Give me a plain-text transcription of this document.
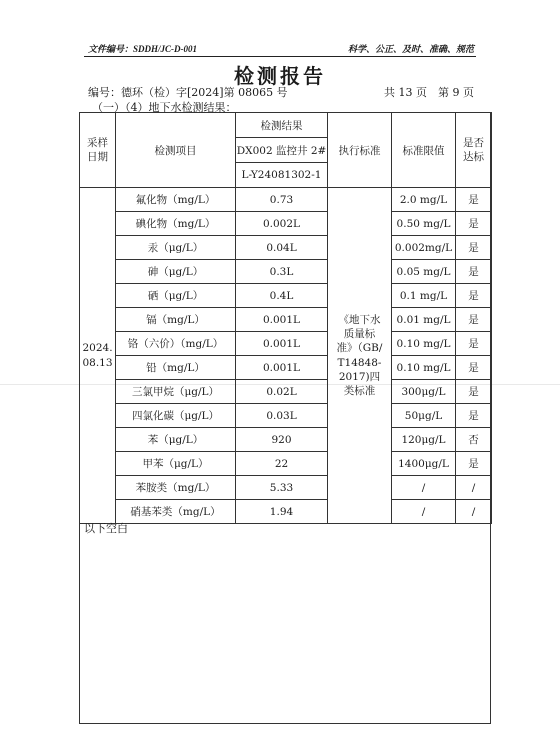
文件编号：SDDH/JC-D-001	科学、公正、及时、准确、规范
检测报告
编号：德环（检）字[2024]第 08065 号	共 13 页　第 9 页
（一）（4）地下水检测结果：
采样日期	检测项目	检测结果	执行标准	标准限值	是否达标
		DX002 监控井 2#			
		L-Y24081302-1			
2024.08.13	氟化物（mg/L）	0.73	《地下水质量标准》（GB/T14848-2017)四类标准	2.0 mg/L	是
	碘化物（mg/L）	0.002L		0.50 mg/L	是
	汞（μg/L）	0.04L		0.002mg/L	是
	砷（μg/L）	0.3L		0.05 mg/L	是
	硒（μg/L）	0.4L		0.1 mg/L	是
	镉（mg/L）	0.001L		0.01 mg/L	是
	铬（六价）（mg/L）	0.001L		0.10 mg/L	是
	铅（mg/L）	0.001L		0.10 mg/L	是
	三氯甲烷（μg/L）	0.02L		300μg/L	是
	四氯化碳（μg/L）	0.03L		50μg/L	是
	苯（μg/L）	920		120μg/L	否
	甲苯（μg/L）	22		1400μg/L	是
	苯胺类（mg/L）	5.33		/	/
	硝基苯类（mg/L）	1.94		/	/
以下空白
